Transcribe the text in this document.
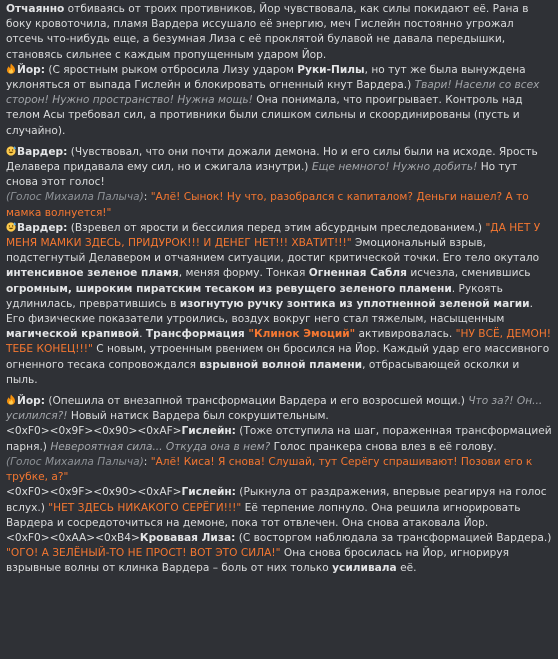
Отчаянно отбиваясь от троих противников, Йор чувствовала, как силы покидают её. Рана в боку кровоточила, пламя Вардера иссушало её энергию, меч Гислейн постоянно угрожал отсечь что-нибудь еще, а безумная Лиза с её проклятой булавой не давала передышки, становясь сильнее с каждым пропущенным ударом Йор.

Йор: (С яростным рыком отбросила Лизу ударом Руки-Пилы, но тут же была вынуждена уклоняться от выпада Гислейн и блокировать огненный кнут Вардера.) Твари! Насели со всех сторон! Нужно пространство! Нужна мощь! Она понимала, что проигрывает. Контроль над телом Асы требовал сил, а противники были слишком сильны и скоординированы (пусть и случайно).

Вардер: (Чувствовал, что они почти дожали демона. Но и его силы были на исходе. Ярость Делавера придавала ему сил, но и сжигала изнутри.) Еще немного! Нужно добить! Но тут снова этот голос!

(Голос Михаила Палыча): "Алё! Сынок! Ну что, разобрался с капиталом? Деньги нашел? А то мамка волнуется!"

Вардер: (Взревел от ярости и бессилия перед этим абсурдным преследованием.) "ДА НЕТ У МЕНЯ МАМКИ ЗДЕСЬ, ПРИДУРОК!!! И ДЕНЕГ НЕТ!!! ХВАТИТ!!!" Эмоциональный взрыв, подстегнутый Делавером и отчаянием ситуации, достиг критической точки. Его тело окутало интенсивное зеленое пламя, меняя форму. Тонкая Огненная Сабля исчезла, сменившись огромным, широким пиратским тесаком из ревущего зеленого пламени. Рукоять удлинилась, превратившись в изогнутую ручку зонтика из уплотненной зеленой магии. Его физические показатели утроились, воздух вокруг него стал тяжелым, насыщенным магической крапивой. Трансформация "Клинок Эмоций" активировалась. "НУ ВСЁ, ДЕМОН! ТЕБЕ КОНЕЦ!!!" С новым, утроенным рвением он бросился на Йор. Каждый удар его массивного огненного тесака сопровождался взрывной волной пламени, отбрасывающей осколки и пыль.

Йор: (Опешила от внезапной трансформации Вардера и его возросшей мощи.) Что за?! Он... усилился?! Новый натиск Вардера был сокрушительным.

<0xF0><0x9F><0x90><0xAF>Гислейн: (Тоже отступила на шаг, пораженная трансформацией парня.) Невероятная сила... Откуда она в нем? Голос пранкера снова влез в её голову.

(Голос Михаила Палыча): "Алё! Киса! Я снова! Слушай, тут Серёгу спрашивают! Позови его к трубке, а?"

<0xF0><0x9F><0x90><0xAF>Гислейн: (Рыкнула от раздражения, впервые реагируя на голос вслух.) "НЕТ ЗДЕСЬ НИКАКОГО СЕРЁГИ!!!" Её терпение лопнуло. Она решила игнорировать Вардера и сосредоточиться на демоне, пока тот отвлечен. Она снова атаковала Йор.

<0xF0><0xAA><0xB4>Кровавая Лиза: (С восторгом наблюдала за трансформацией Вардера.) "ОГО! А ЗЕЛЁНЫЙ-ТО НЕ ПРОСТ! ВОТ ЭТО СИЛА!" Она снова бросилась на Йор, игнорируя взрывные волны от клинка Вардера – боль от них только усиливала её.
